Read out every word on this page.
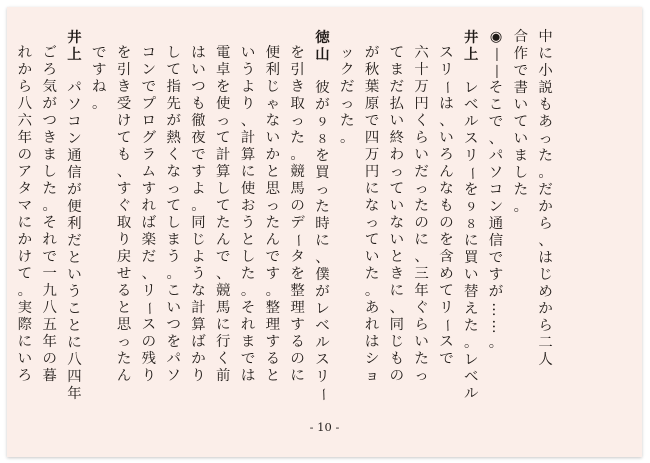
中
に
小
説
も
あ
っ
た
。
だ
か
ら
、
は
じ
め
か
ら
二
人
合
作
で
書
い
て
い
ま
し
た
。
◉
—
—
そ
こ
で
、
パ
ソ
コ
ン
通
信
で
す
が
…
…
。
井
上
レ
ベ
ル
ス
リ
ー
を
９
８
に
買
い
替
え
た
。
レ
ベ
ル
ス
リ
ー
は
、
い
ろ
ん
な
も
の
を
含
め
て
リ
ー
ス
で
六
十
万
円
く
ら
い
だ
っ
た
の
に
、
三
年
ぐ
ら
い
た
っ
て
ま
だ
払
い
終
わ
っ
て
い
な
い
と
き
に
、
同
じ
も
の
が
秋
葉
原
で
四
万
円
に
な
っ
て
い
た
。
あ
れ
は
シ
ョ
ッ
ク
だ
っ
た
。
徳
山
彼
が
９
８
を
買
っ
た
時
に
、
僕
が
レ
ベ
ル
ス
リ
ー
を
引
き
取
っ
た
。
競
馬
の
デ
ー
タ
を
整
理
す
る
の
に
便
利
じ
ゃ
な
い
か
と
思
っ
た
ん
で
す
。
整
理
す
る
と
い
う
よ
り
、
計
算
に
使
お
う
と
し
た
。
そ
れ
ま
で
は
電
卓
を
使
っ
て
計
算
し
て
た
ん
で
、
競
馬
に
行
く
前
は
い
つ
も
徹
夜
で
す
よ
。
同
じ
よ
う
な
計
算
ば
か
り
し
て
指
先
が
熱
く
な
っ
て
し
ま
う
。
こ
い
つ
を
パ
ソ
コ
ン
で
プ
ロ
グ
ラ
ム
す
れ
ば
楽
だ
、
リ
ー
ス
の
残
り
を
引
き
受
け
て
も
、
す
ぐ
取
り
戻
せ
る
と
思
っ
た
ん
で
す
ね
。
井
上
パ
ソ
コ
ン
通
信
が
便
利
だ
と
い
う
こ
と
に
八
四
年
ご
ろ
気
が
つ
き
ま
し
た
。
そ
れ
で
一
九
八
五
年
の
暮
れ
か
ら
八
六
年
の
ア
タ
マ
に
か
け
て
。
実
際
に
い
ろ
- 10 -
